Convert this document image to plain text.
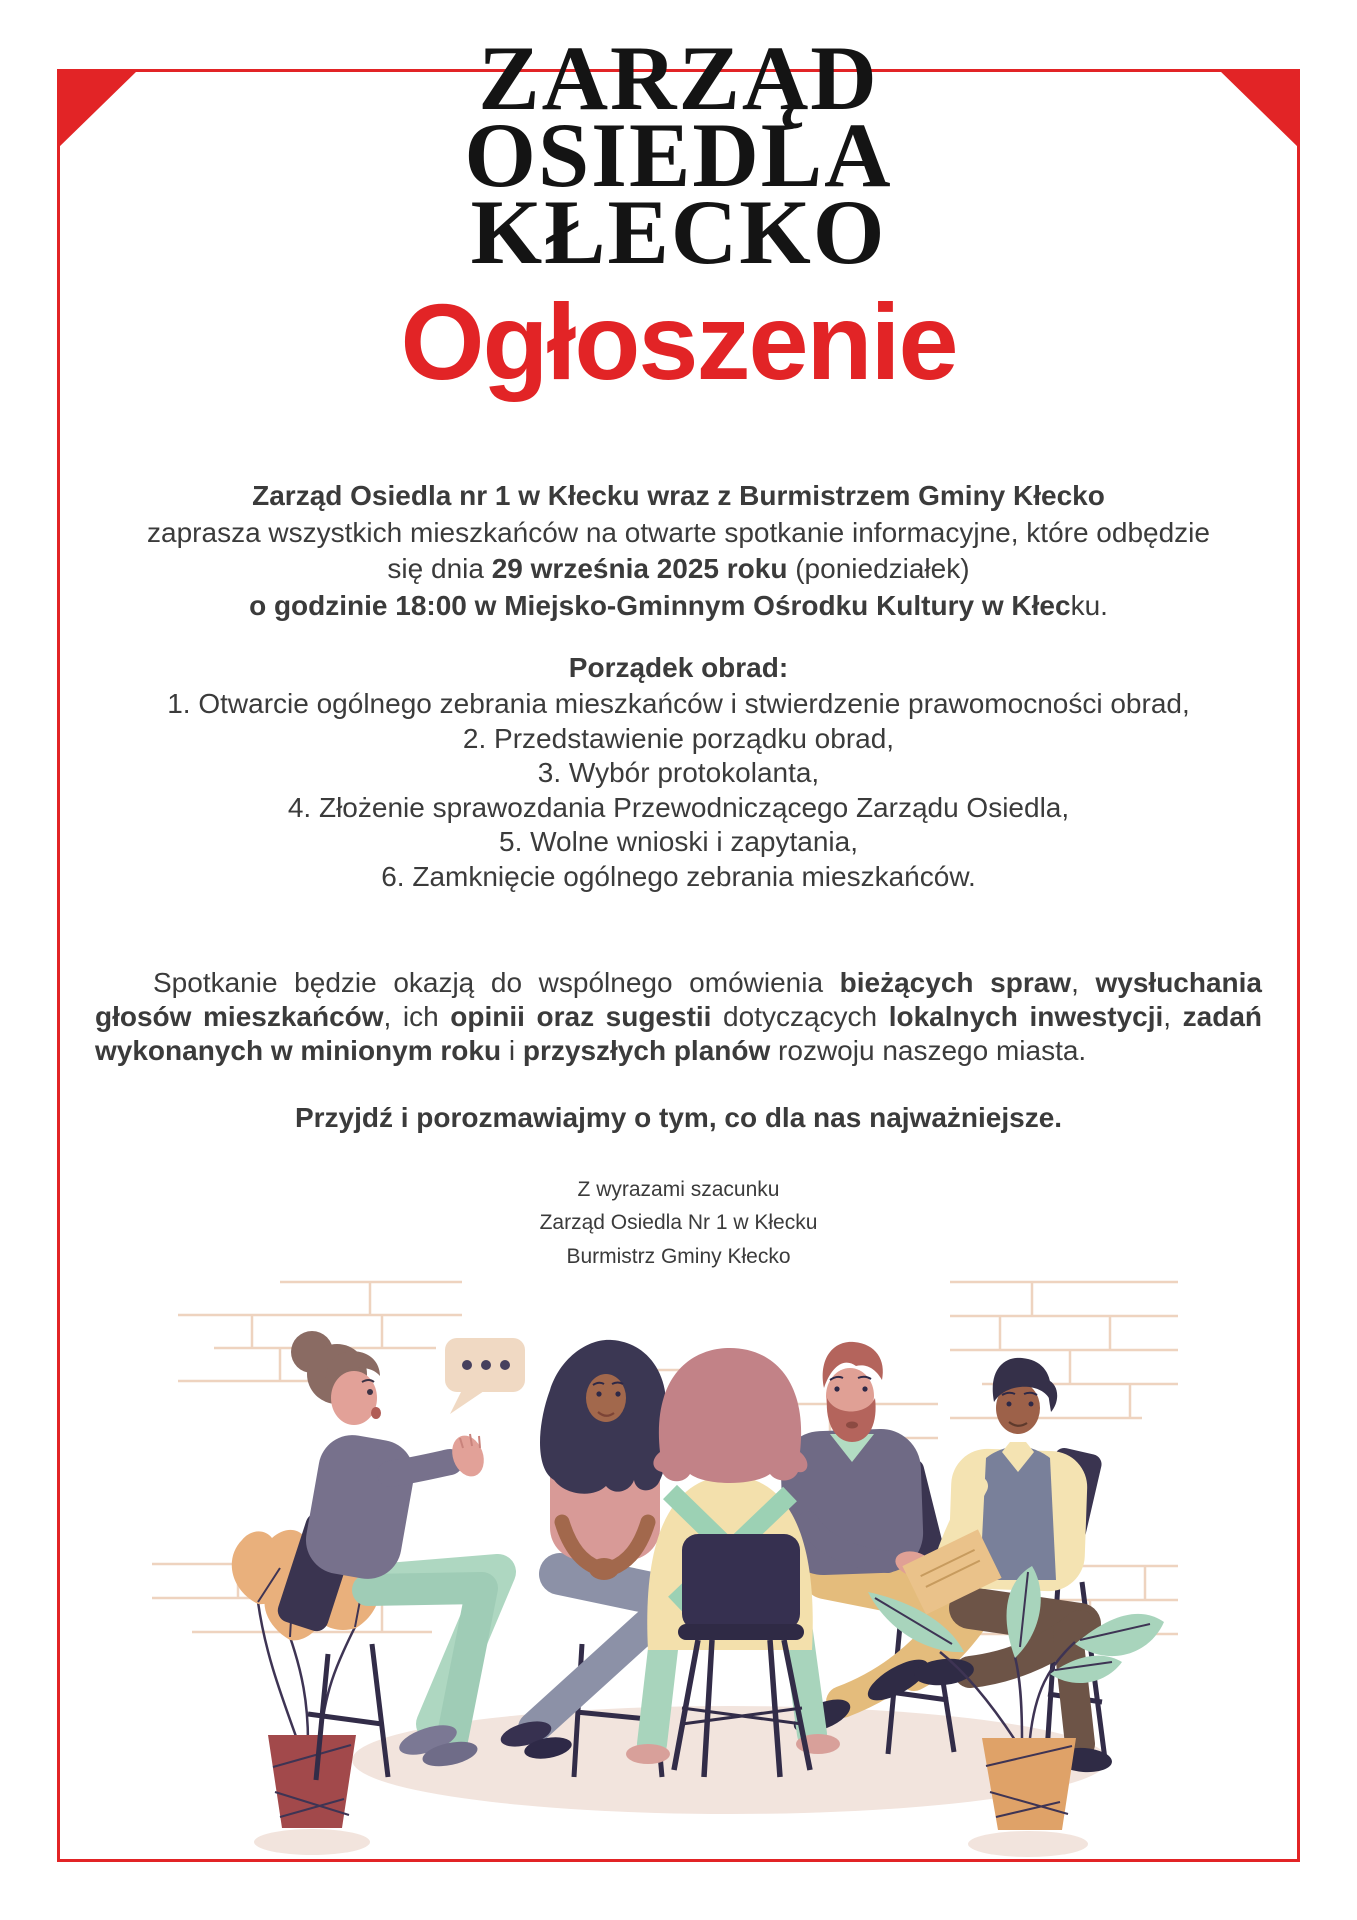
ZARZĄD
OSIEDLA
KŁECKO
Ogłoszenie
Zarząd Osiedla nr 1 w Kłecku wraz z Burmistrzem Gminy Kłecko
zaprasza wszystkich mieszkańców na otwarte spotkanie informacyjne, które odbędzie
się dnia 29 września 2025 roku (poniedziałek)
o godzinie 18:00 w Miejsko-Gminnym Ośrodku Kultury w Kłecku.
Porządek obrad:
1. Otwarcie ogólnego zebrania mieszkańców i stwierdzenie prawomocności obrad,
2. Przedstawienie porządku obrad,
3. Wybór protokolanta,
4. Złożenie sprawozdania Przewodniczącego Zarządu Osiedla,
5. Wolne wnioski i zapytania,
6. Zamknięcie ogólnego zebrania mieszkańców.
Spotkanie będzie okazją do wspólnego omówienia bieżących spraw, wysłuchania głosów mieszkańców, ich opinii oraz sugestii dotyczących lokalnych inwestycji, zadań wykonanych w minionym roku i przyszłych planów rozwoju naszego miasta.
Przyjdź i porozmawiajmy o tym, co dla nas najważniejsze.
Z wyrazami szacunku
Zarząd Osiedla Nr 1 w Kłecku
Burmistrz Gminy Kłecko
